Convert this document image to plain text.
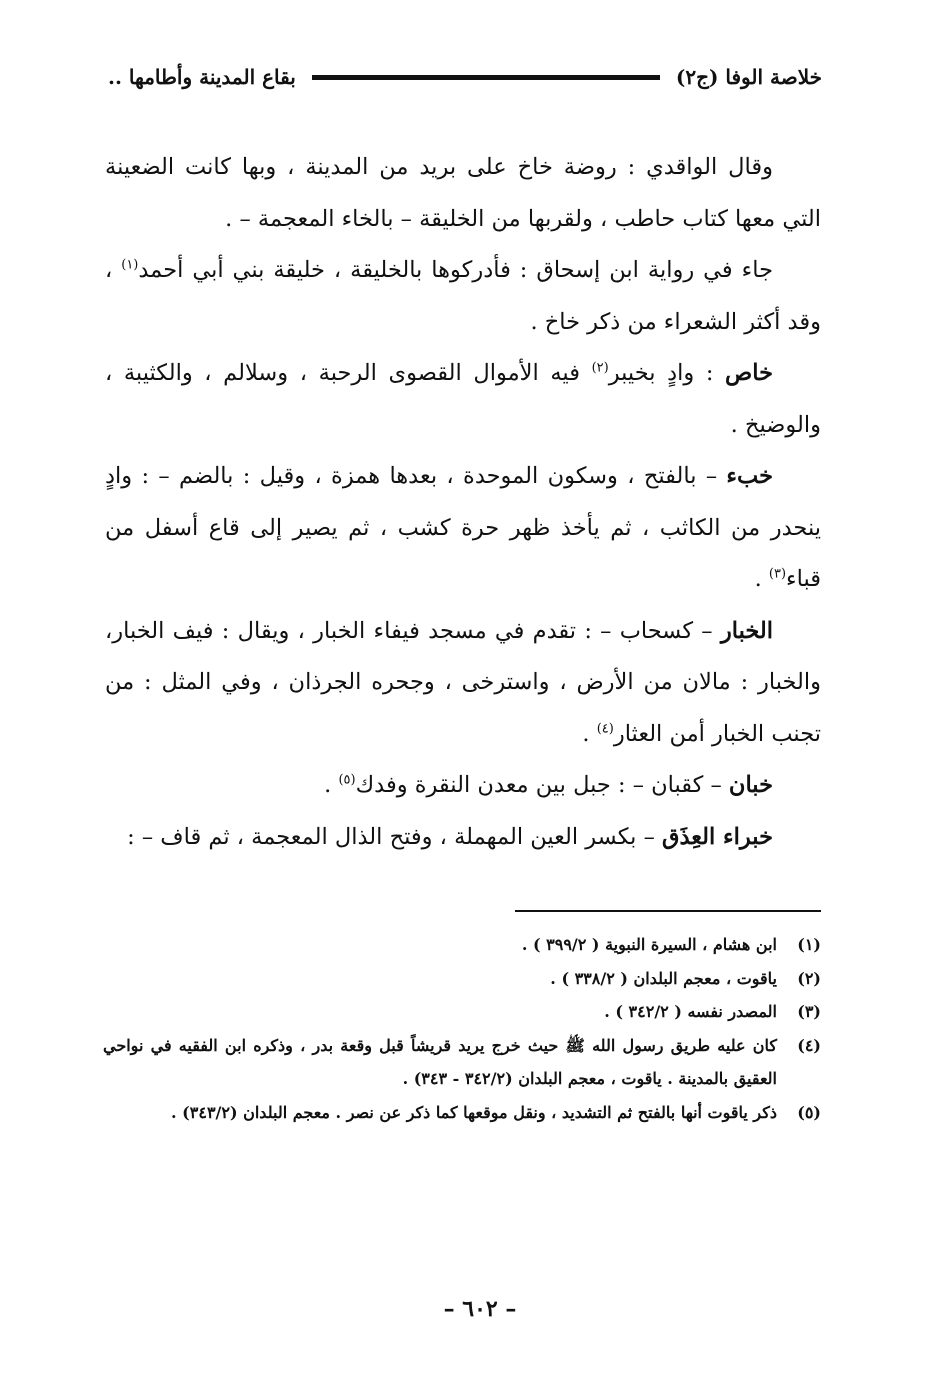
خلاصة الوفا (ج٢)
بقاع المدينة وأطامها ..

وقال الواقدي : روضة خاخ على بريد من المدينة ، وبها كانت الضعينة التي معها كتاب حاطب ، ولقربها من الخليقة – بالخاء المعجمة – .

جاء في رواية ابن إسحاق : فأدركوها بالخليقة ، خليقة بني أبي أحمد$^{(١)}$ ، وقد أكثر الشعراء من ذكر خاخ .

خاص : وادٍ بخيبر$^{(٢)}$ فيه الأموال القصوى الرحبة ، وسلالم ، والكثيبة ، والوضيخ .

خبء – بالفتح ، وسكون الموحدة ، بعدها همزة ، وقيل : بالضم – : وادٍ ينحدر من الكاثب ، ثم يأخذ ظهر حرة كشب ، ثم يصير إلى قاع أسفل من قباء$^{(٣)}$ .

الخبار – كسحاب – : تقدم في مسجد فيفاء الخبار ، ويقال : فيف الخبار، والخبار : مالان من الأرض ، واسترخى ، وجحره الجرذان ، وفي المثل : من تجنب الخبار أمن العثار$^{(٤)}$ .

خبان – كقبان – : جبل بين معدن النقرة وفدك$^{(٥)}$ .

خبراء العِذَق – بكسر العين المهملة ، وفتح الذال المعجمة ، ثم قاف – :

(١)
ابن هشام ، السيرة النبوية ( ٣٩٩/٢ ) .
(٢)
ياقوت ، معجم البلدان ( ٣٣٨/٢ ) .
(٣)
المصدر نفسه ( ٣٤٢/٢ ) .
(٤)
كان عليه طريق رسول الله ﷺ حيث خرج يريد قريشاً قبل وقعة بدر ، وذكره ابن الفقيه في نواحي العقيق بالمدينة . ياقوت ، معجم البلدان (٣٤٢/٢ - ٣٤٣) .
(٥)
ذكر ياقوت أنها بالفتح ثم التشديد ، ونقل موقعها كما ذكر عن نصر . معجم البلدان (٣٤٣/٢) .
– ٦٠٢ –
